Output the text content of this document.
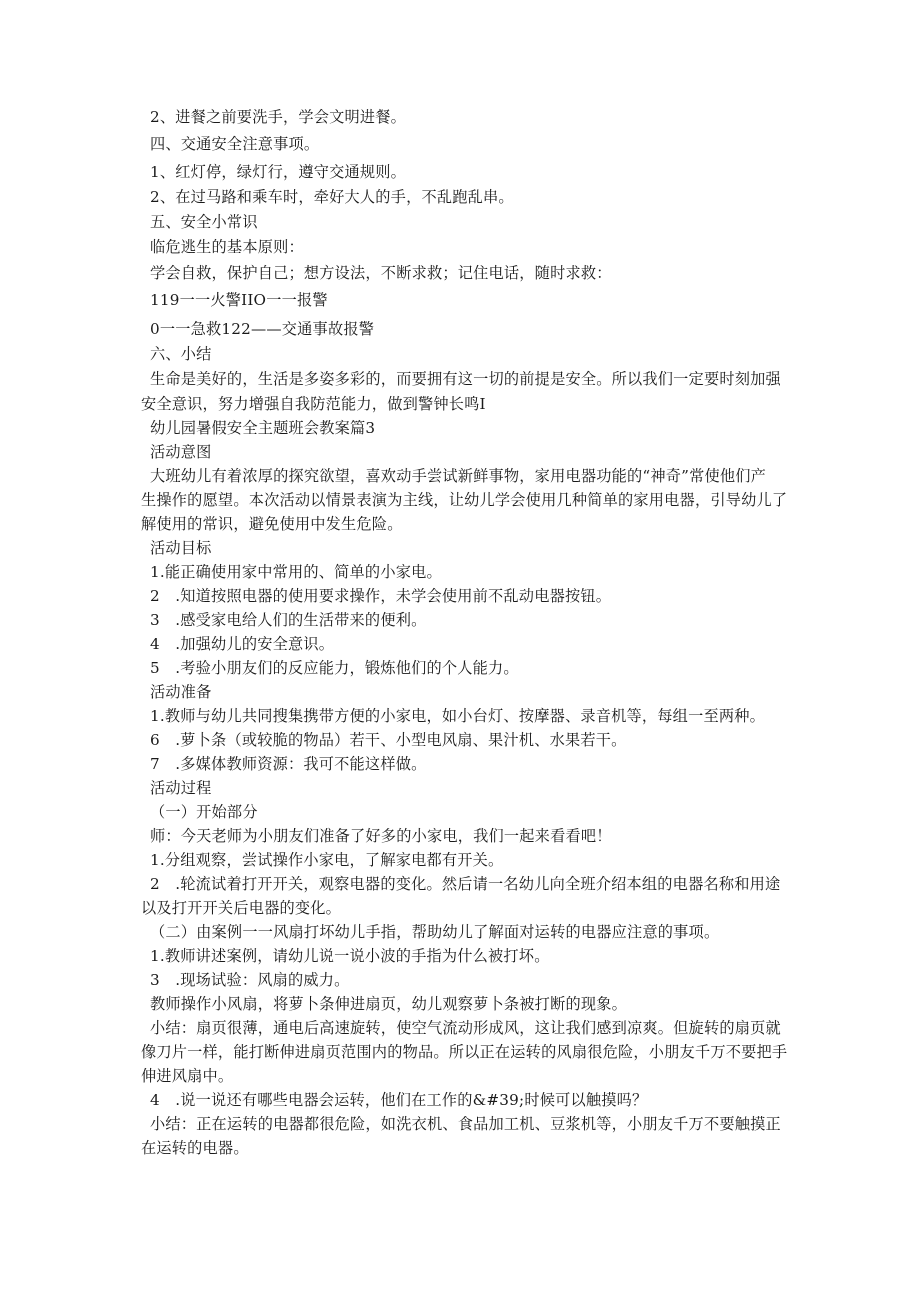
2、进餐之前要洗手，学会文明进餐。

四、交通安全注意事项。

1、红灯停，绿灯行，遵守交通规则。

2、在过马路和乘车时，牵好大人的手，不乱跑乱串。

五、安全小常识

临危逃生的基本原则：

学会自救，保护自己；想方设法，不断求救；记住电话，随时求救：

119一一火警IIO一一报警

0一一急救122——交通事故报警

六、小结

生命是美好的，生活是多姿多彩的，而要拥有这一切的前提是安全。所以我们一定要时刻加强

安全意识，努力增强自我防范能力，做到警钟长鸣I

幼儿园暑假安全主题班会教案篇3

活动意图

大班幼儿有着浓厚的探究欲望，喜欢动手尝试新鲜事物，家用电器功能的“神奇”常使他们产

生操作的愿望。本次活动以情景表演为主线，让幼儿学会使用几种简单的家用电器，引导幼儿了

解使用的常识，避免使用中发生危险。

活动目标

1.能正确使用家中常用的、简单的小家电。

2　.知道按照电器的使用要求操作，未学会使用前不乱动电器按钮。

3　.感受家电给人们的生活带来的便利。

4　.加强幼儿的安全意识。

5　.考验小朋友们的反应能力，锻炼他们的个人能力。

活动准备

1.教师与幼儿共同搜集携带方便的小家电，如小台灯、按摩器、录音机等，每组一至两种。

6　.萝卜条（或较脆的物品）若干、小型电风扇、果汁机、水果若干。

7　.多媒体教师资源：我可不能这样做。

活动过程

（一）开始部分

师：今天老师为小朋友们准备了好多的小家电，我们一起来看看吧！

1.分组观察，尝试操作小家电，了解家电都有开关。

2　.轮流试着打开开关，观察电器的变化。然后请一名幼儿向全班介绍本组的电器名称和用途

以及打开开关后电器的变化。

（二）由案例一一风扇打坏幼儿手指，帮助幼儿了解面对运转的电器应注意的事项。

1.教师讲述案例，请幼儿说一说小波的手指为什么被打坏。

3　.现场试验：风扇的威力。

教师操作小风扇，将萝卜条伸进扇页，幼儿观察萝卜条被打断的现象。

小结：扇页很薄，通电后高速旋转，使空气流动形成风，这让我们感到凉爽。但旋转的扇页就

像刀片一样，能打断伸进扇页范围内的物品。所以正在运转的风扇很危险，小朋友千万不要把手

伸进风扇中。

4　.说一说还有哪些电器会运转，他们在工作的&#39;时候可以触摸吗？

小结：正在运转的电器都很危险，如洗衣机、食品加工机、豆浆机等，小朋友千万不要触摸正

在运转的电器。
